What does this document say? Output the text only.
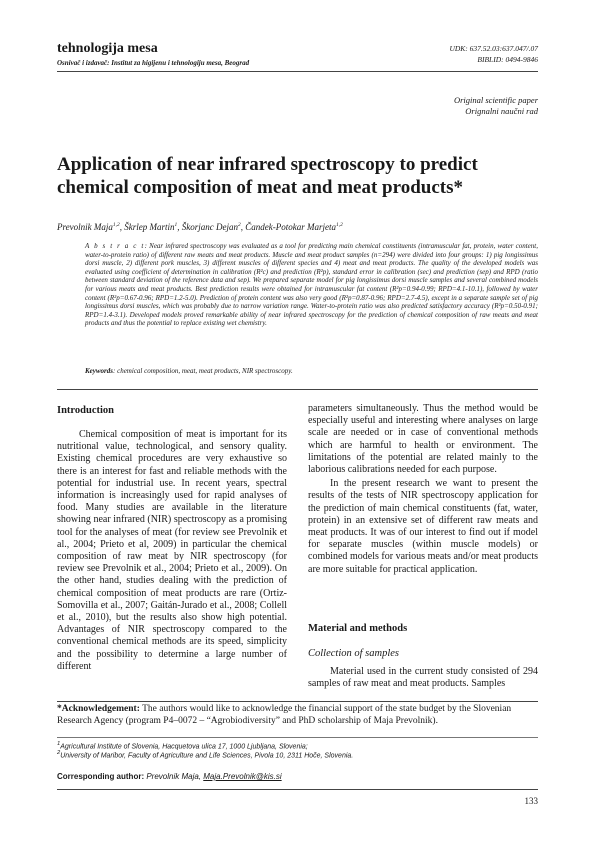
tehnologija mesa
Osnivač i izdavač: Institut za higijenu i tehnologiju mesa, Beograd
UDK: 637.52.03:637.047/.07
BIBLID: 0494-9846
Original scientific paper
Orignalni naučni rad
Application of near infrared spectroscopy to predict chemical composition of meat and meat products*
Prevolnik Maja$^{1,2}$, Škrlep Martin$^1$, Škorjanc Dejan$^2$, Čandek-Potokar Marjeta$^{1,2}$
A b s t r a c t: Near infrared spectroscopy was evaluated as a tool for predicting main chemical constituents (intramuscular fat, protein, water content, water-to-protein ratio) of different raw meats and meat products. Muscle and meat product samples (n=294) were divided into four groups: 1) pig longissimus dorsi muscle, 2) different pork muscles, 3) different muscles of different species and 4) meat and meat products. The quality of the developed models was evaluated using coefficient of determination in calibration (R²c) and prediction (R²p), standard error in calibration (sec) and prediction (sep) and RPD (ratio between standard deviation of the reference data and sep). We prepared separate model for pig longissimus dorsi muscle samples and several combined models for various meats and meat products. Best prediction results were obtained for intramuscular fat content (R²p=0.94-0.99; RPD=4.1-10.1), followed by water content (R²p=0.67-0.96; RPD=1.2-5.0). Prediction of protein content was also very good (R²p=0.87-0.96; RPD=2.7-4.5), except in a separate sample set of pig longissimus dorsi muscles, which was probably due to narrow variation range. Water-to-protein ratio was also predicted satisfactory accuracy (R²p=0.50-0.91; RPD=1.4-3.1). Developed models proved remarkable ability of near infrared spectroscopy for the prediction of chemical composition of raw meats and meat products and thus the potential to replace existing wet chemistry.
Keywords: chemical composition, meat, meat products, NIR spectroscopy.
Introduction

Chemical composition of meat is important for its nutritional value, technological, and sensory quality. Existing chemical procedures are very exhaustive so there is an interest for fast and reliable methods with the potential for industrial use. In recent years, spectral information is increasingly used for rapid analyses of food. Many studies are available in the literature showing near infrared (NIR) spectroscopy as a promising tool for the analyses of meat (for review see Prevolnik et al., 2004; Prieto et al, 2009) in particular the chemical composition of raw meat by NIR spectroscopy (for review see Prevolnik et al., 2004; Prieto et al., 2009). On the other hand, studies dealing with the prediction of chemical composition of meat products are rare (Ortiz-Somovilla et al., 2007; Gaitán-Jurado et al., 2008; Collell et al., 2010), but the results also show high potential. Advantages of NIR spectroscopy compared to the conventional chemical methods are its speed, simplicity and the possibility to determine a large number of different

parameters simultaneously. Thus the method would be especially useful and interesting where analyses on large scale are needed or in case of conventional methods which are harmful to health or environment. The limitations of the potential are related mainly to the laborious calibrations needed for each purpose.

In the present research we want to present the results of the tests of NIR spectroscopy application for the prediction of main chemical constituents (fat, water, protein) in an extensive set of different raw meats and meat products. It was of our interest to find out if model for separate muscles (within muscle models) or combined models for various meats and/or meat products are more suitable for practical application.

Material and methods
Collection of samples

Material used in the current study consisted of 294 samples of raw meat and meat products. Samples

*Acknowledgement: The authors would like to acknowledge the financial support of the state budget by the Slovenian Research Agency (program P4–0072 – “Agrobiodiversity” and PhD scholarship of Maja Prevolnik).
$^1$Agricultural Institute of Slovenia, Hacquetova ulica 17, 1000 Ljubljana, Slovenia;
$^2$University of Maribor, Faculty of Agriculture and Life Sciences, Pivola 10, 2311 Hoče, Slovenia.
Corresponding author: Prevolnik Maja, Maja.Prevolnik@kis.si
133
